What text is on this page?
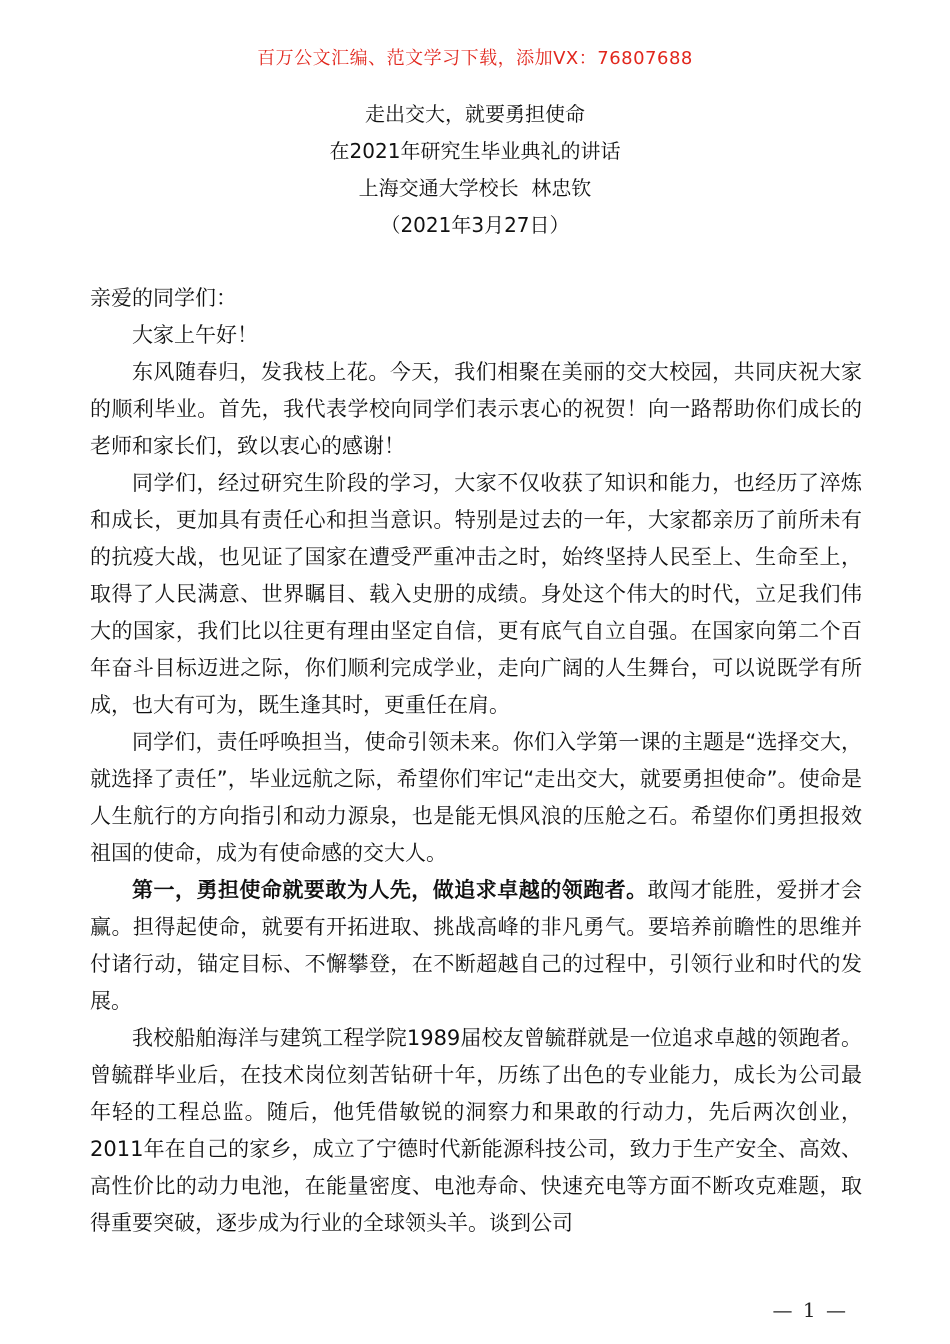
百万公文汇编、范文学习下载，添加VX：76807688
走出交大，就要勇担使命
在2021年研究生毕业典礼的讲话
上海交通大学校长  林忠钦
（2021年3月27日）

亲爱的同学们：

大家上午好！

东风随春归，发我枝上花。今天，我们相聚在美丽的交大校园，共同庆祝大家的顺利毕业。首先，我代表学校向同学们表示衷心的祝贺！向一路帮助你们成长的老师和家长们，致以衷心的感谢！

同学们，经过研究生阶段的学习，大家不仅收获了知识和能力，也经历了淬炼和成长，更加具有责任心和担当意识。特别是过去的一年，大家都亲历了前所未有的抗疫大战，也见证了国家在遭受严重冲击之时，始终坚持人民至上、生命至上，取得了人民满意、世界瞩目、载入史册的成绩。身处这个伟大的时代，立足我们伟大的国家，我们比以往更有理由坚定自信，更有底气自立自强。在国家向第二个百年奋斗目标迈进之际，你们顺利完成学业，走向广阔的人生舞台，可以说既学有所成，也大有可为，既生逢其时，更重任在肩。

同学们，责任呼唤担当，使命引领未来。你们入学第一课的主题是“选择交大，就选择了责任”，毕业远航之际，希望你们牢记“走出交大，就要勇担使命”。使命是人生航行的方向指引和动力源泉，也是能无惧风浪的压舱之石。希望你们勇担报效祖国的使命，成为有使命感的交大人。

第一，勇担使命就要敢为人先，做追求卓越的领跑者。敢闯才能胜，爱拼才会赢。担得起使命，就要有开拓进取、挑战高峰的非凡勇气。要培养前瞻性的思维并付诸行动，锚定目标、不懈攀登，在不断超越自己的过程中，引领行业和时代的发展。

我校船舶海洋与建筑工程学院1989届校友曾毓群就是一位追求卓越的领跑者。曾毓群毕业后，在技术岗位刻苦钻研十年，历练了出色的专业能力，成长为公司最年轻的工程总监。随后，他凭借敏锐的洞察力和果敢的行动力，先后两次创业，2011年在自己的家乡，成立了宁德时代新能源科技公司，致力于生产安全、高效、高性价比的动力电池，在能量密度、电池寿命、快速充电等方面不断攻克难题，取得重要突破，逐步成为行业的全球领头羊。谈到公司

— 1 —
